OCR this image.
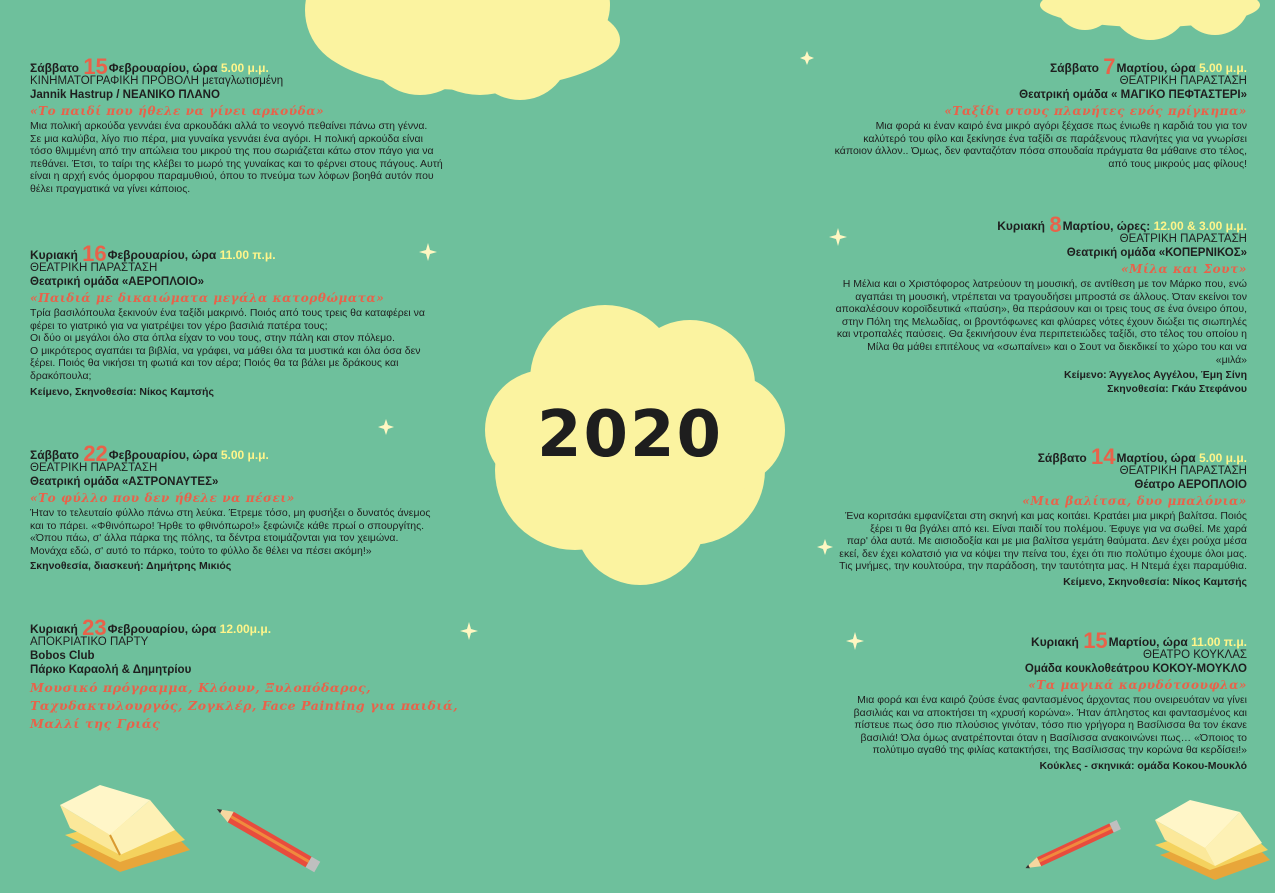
2020
Σάββατο 15Φεβρουαρίου, ώρα 5.00 μ.μ.
ΚΙΝΗΜΑΤΟΓΡΑΦΙΚΗ ΠΡΟΒΟΛΗ μεταγλωτισμένη
Jannik Hastrup / ΝΕΑΝΙΚΟ ΠΛΑΝΟ
«Το παιδί που ήθελε να γίνει αρκούδα»
Μια πολική αρκούδα γεννάει ένα αρκουδάκι αλλά το νεογνό πεθαίνει πάνω στη γέννα.
Σε μια καλύβα, λίγο πιο πέρα, μια γυναίκα γεννάει ένα αγόρι. Η πολική αρκούδα είναι
τόσο θλιμμένη από την απώλεια του μικρού της που σωριάζεται κάτω στον πάγο για να
πεθάνει. Έτσι, το ταίρι της κλέβει το μωρό της γυναίκας και το φέρνει στους πάγους. Αυτή
είναι η αρχή ενός όμορφου παραμυθιού, όπου το πνεύμα των λόφων βοηθά αυτόν που
θέλει πραγματικά να γίνει κάποιος.
Κυριακή 16Φεβρουαρίου, ώρα 11.00 π.μ.
ΘΕΑΤΡΙΚΗ ΠΑΡΑΣΤΑΣΗ
Θεατρική ομάδα «ΑΕΡΟΠΛΟΙΟ»
«Παιδιά με δικαιώματα μεγάλα κατορθώματα»
Τρία βασιλόπουλα ξεκινούν ένα ταξίδι μακρινό. Ποιός από τους τρεις θα καταφέρει να
φέρει το γιατρικό για να γιατρέψει τον γέρο βασιλιά πατέρα τους;
Οι δύο οι μεγάλοι όλο στα όπλα είχαν το νου τους, στην πάλη και στον πόλεμο.
Ο μικρότερος αγαπάει τα βιβλία, να γράφει, να μάθει όλα τα μυστικά και όλα όσα δεν
ξέρει. Ποιός θα νικήσει τη φωτιά και τον αέρα; Ποιός θα τα βάλει με δράκους και
δρακόπουλα;
Κείμενο, Σκηνοθεσία: Νίκος Καμτσής
Σάββατο 22Φεβρουαρίου, ώρα 5.00 μ.μ.
ΘΕΑΤΡΙΚΗ ΠΑΡΑΣΤΑΣΗ
Θεατρική ομάδα «ΑΣΤΡΟΝΑΥΤΕΣ»
«Το φύλλο που δεν ήθελε να πέσει»
Ήταν το τελευταίο φύλλο πάνω στη λεύκα. Έτρεμε τόσο, μη φυσήξει ο δυνατός άνεμος
και το πάρει. «Φθινόπωρο! Ήρθε το φθινόπωρο!» ξεφώνιζε κάθε πρωί ο σπουργίτης.
«Όπου πάω, σ' άλλα πάρκα της πόλης, τα δέντρα ετοιμάζονται για τον χειμώνα.
Μονάχα εδώ, σ' αυτό το πάρκο, τούτο το φύλλο δε θέλει να πέσει ακόμη!»
Σκηνοθεσία, διασκευή: Δημήτρης Μικιός
Κυριακή 23Φεβρουαρίου, ώρα 12.00μ.μ.
ΑΠΟΚΡΙΑΤΙΚΟ ΠΑΡΤΥ
Bobos Club
Πάρκο Καραολή & Δημητρίου
Μουσικό πρόγραμμα, Κλόουν, Ξυλοπόδαρος,
Ταχυδακτυλουργός, Ζογκλέρ, Face Painting για παιδιά,
Μαλλί της Γριάς
Σάββατο 7Μαρτίου, ώρα 5.00 μ.μ.
ΘΕΑΤΡΙΚΗ ΠΑΡΑΣΤΑΣΗ
Θεατρική ομάδα « ΜΑΓΙΚΟ ΠΕΦΤΑΣΤΕΡΙ»
«Ταξίδι στους πλανήτες ενός πρίγκηπα»
Μια φορά κι έναν καιρό ένα μικρό αγόρι ξέχασε πως ένιωθε η καρδιά του για τον
καλύτερό του φίλο και ξεκίνησε ένα ταξίδι σε παράξενους πλανήτες για να γνωρίσει
κάποιον άλλον.. Όμως, δεν φανταζόταν πόσα σπουδαία πράγματα θα μάθαινε στο τέλος,
από τους μικρούς μας φίλους!
Κυριακή 8Μαρτίου, ώρες: 12.00 & 3.00 μ.μ.
ΘΕΑΤΡΙΚΗ ΠΑΡΑΣΤΑΣΗ
Θεατρική ομάδα «ΚΟΠΕΡΝΙΚΟΣ»
«Μίλα και Σουτ»
Η Μέλια και ο Χριστόφορος λατρεύουν τη μουσική, σε αντίθεση με τον Μάρκο που, ενώ
αγαπάει τη μουσική, ντρέπεται να τραγουδήσει μπροστά σε άλλους. Όταν εκείνοι τον
αποκαλέσουν κοροϊδευτικά «παύση», θα περάσουν και οι τρεις τους σε ένα όνειρο όπου,
στην Πόλη της Μελωδίας, οι βροντόφωνες και φλύαρες νότες έχουν διώξει τις σιωπηλές
και ντροπαλές παύσεις. Θα ξεκινήσουν ένα περιπετειώδες ταξίδι, στο τέλος του οποίου η
Μίλα θα μάθει επιτέλους να «σωπαίνει» και ο Σουτ να διεκδικεί το χώρο του και να
«μιλά»
Κείμενο: Άγγελος Αγγέλου, Έμη Σίνη
Σκηνοθεσία: Γκάυ Στεφάνου
Σάββατο 14Μαρτίου, ώρα 5.00 μ.μ.
ΘΕΑΤΡΙΚΗ ΠΑΡΑΣΤΑΣΗ
Θέατρο ΑΕΡΟΠΛΟΙΟ
«Μια βαλίτσα, δυο μπαλόνια»
Ένα κοριτσάκι εμφανίζεται στη σκηνή και μας κοιτάει. Κρατάει μια μικρή βαλίτσα. Ποιός
ξέρει τι θα βγάλει από κει. Είναι παιδί του πολέμου. Έφυγε για να σωθεί. Με χαρά
παρ' όλα αυτά. Με αισιοδοξία και με μια βαλίτσα γεμάτη θαύματα. Δεν έχει ρούχα μέσα
εκεί, δεν έχει κολατσιό για να κόψει την πείνα του, έχει ότι πιο πολύτιμο έχουμε όλοι μας.
Τις μνήμες, την κουλτούρα, την παράδοση, την ταυτότητα μας. Η Ντεμά έχει παραμύθια.
Κείμενο, Σκηνοθεσία: Νίκος Καμτσής
Κυριακή 15Μαρτίου, ώρα 11.00 π.μ.
ΘΕΑΤΡΟ ΚΟΥΚΛΑΣ
Ομάδα κουκλοθεάτρου ΚΟΚΟΥ-ΜΟΥΚΛΟ
«Τα μαγικά καρυδότσουφλα»
Μια φορά και ένα καιρό ζούσε ένας φαντασμένος άρχοντας που ονειρευόταν να γίνει
βασιλιάς και να αποκτήσει τη «χρυσή κορώνα». Ήταν άπληστος και φαντασμένος και
πίστευε πως όσο πιο πλούσιος γινόταν, τόσο πιο γρήγορα η Βασίλισσα θα τον έκανε
βασιλιά! Όλα όμως ανατρέπονται όταν η Βασίλισσα ανακοινώνει πως… «Όποιος το
πολύτιμο αγαθό της φιλίας κατακτήσει, της Βασίλισσας την κορώνα θα κερδίσει!»
Κούκλες - σκηνικά: ομάδα Κοκου-Μουκλό
